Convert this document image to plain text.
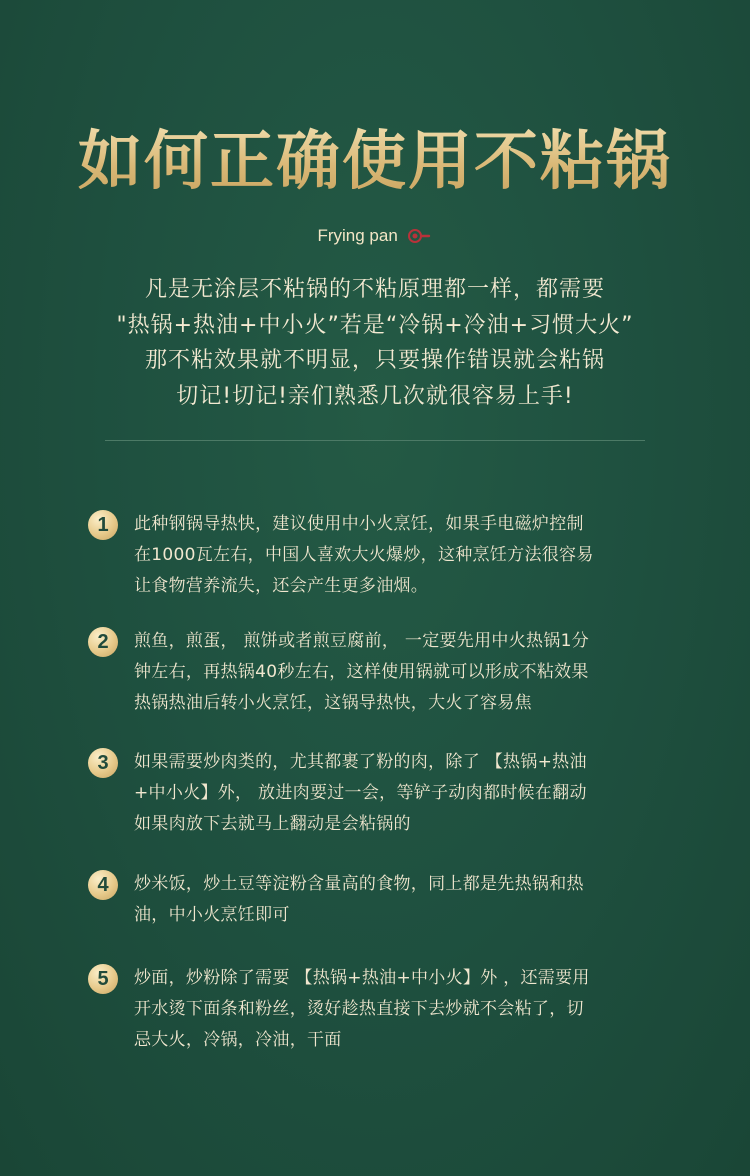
如何正确使用不粘锅
Frying pan
凡是无涂层不粘锅的不粘原理都一样，都需要
"热锅+热油+中小火”若是“冷锅+冷油+习惯大火”
那不粘效果就不明显，只要操作错误就会粘锅
切记!切记!亲们熟悉几次就很容易上手!
1	此种钢锅导热快，建议使用中小火烹饪，如果手电磁炉控制
在1000瓦左右，中国人喜欢大火爆炒，这种烹饪方法很容易
让食物营养流失，还会产生更多油烟。
2	煎鱼，煎蛋， 煎饼或者煎豆腐前， 一定要先用中火热锅1分
钟左右，再热锅40秒左右，这样使用锅就可以形成不粘效果
热锅热油后转小火烹饪，这锅导热快，大火了容易焦
3	如果需要炒肉类的，尤其都裹了粉的肉，除了 【热锅+热油
+中小火】外， 放进肉要过一会，等铲子动肉都时候在翻动
如果肉放下去就马上翻动是会粘锅的
4	炒米饭，炒土豆等淀粉含量高的食物，同上都是先热锅和热
油，中小火烹饪即可
5	炒面，炒粉除了需要 【热锅+热油+中小火】外 ，还需要用
开水烫下面条和粉丝，烫好趁热直接下去炒就不会粘了，切
忌大火，冷锅，冷油，干面
